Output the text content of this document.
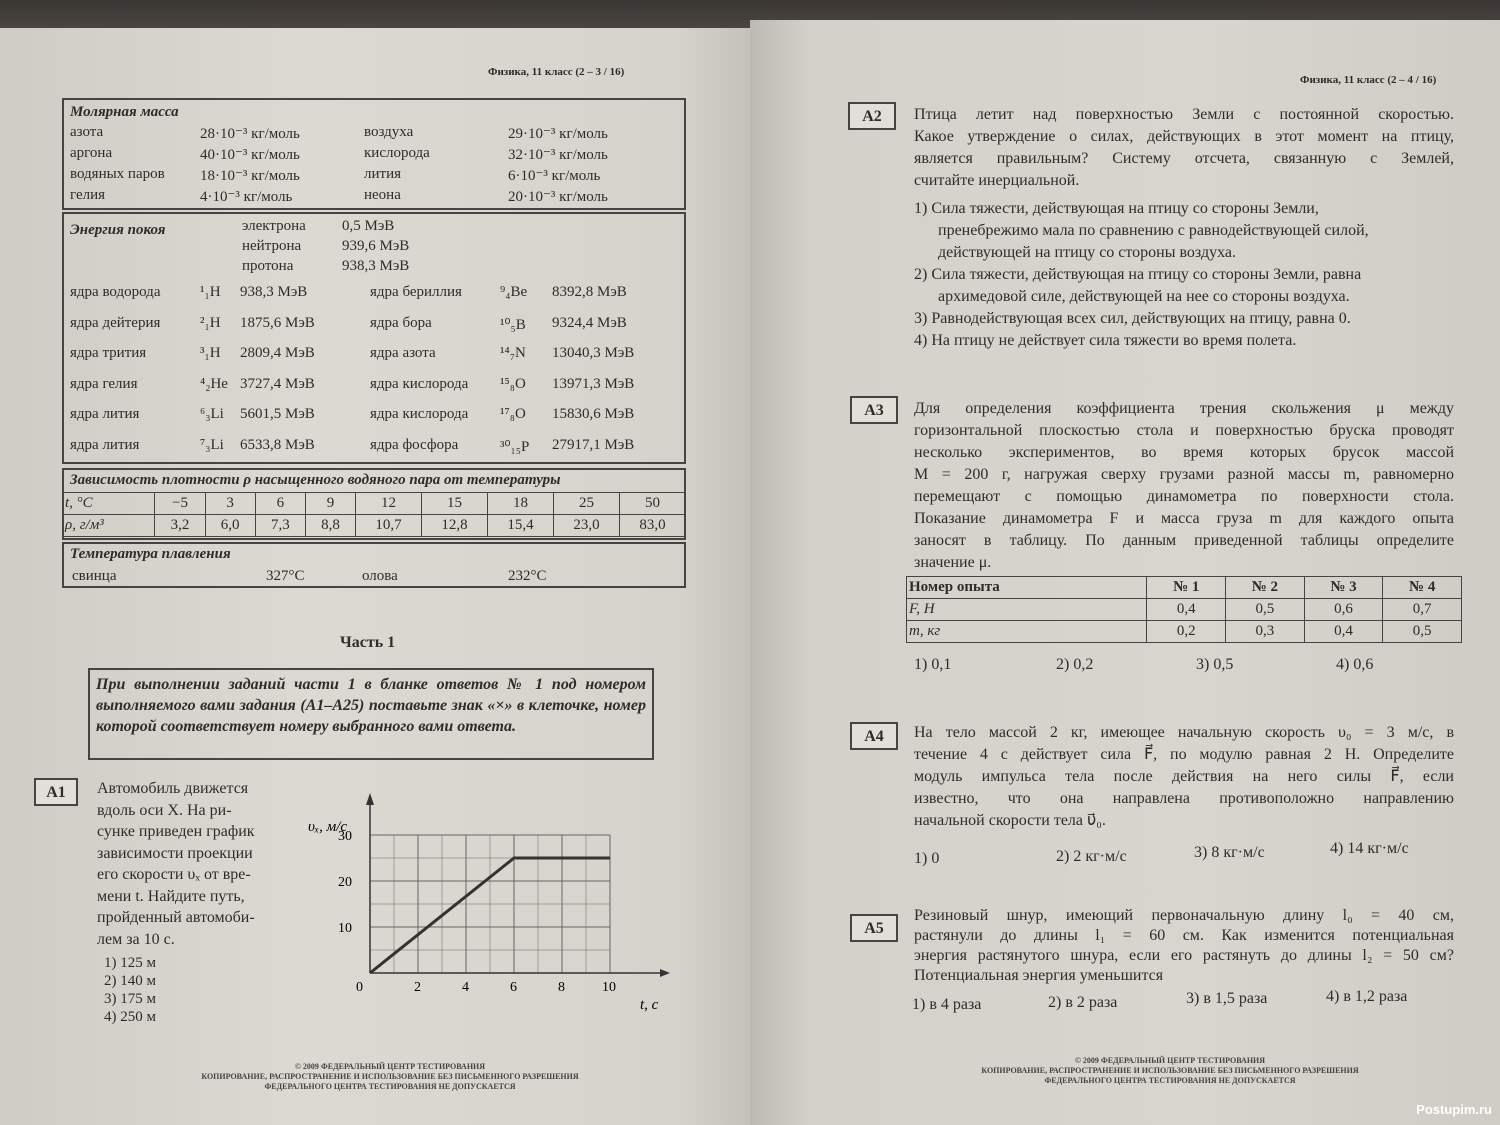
Физика, 11 класс (2 – 3 / 16)
Молярная масса
азота	28·10⁻³ кг/моль	воздуха	29·10⁻³ кг/моль
аргона	40·10⁻³ кг/моль	кислорода	32·10⁻³ кг/моль
водяных паров 18·10⁻³ кг/моль	лития	6·10⁻³ кг/моль
гелия	4·10⁻³ кг/моль	неона	20·10⁻³ кг/моль
Энергия покоя	электрона 0,5 МэВ
нейтрона	939,6 МэВ
протона	938,3 МэВ
ядра водорода	¹₁H 938,3 МэВ	ядра бериллия	⁹₄Be 8392,8 МэВ
ядра дейтерия	²₁H 1875,6 МэВ	ядра бора	¹⁰₅B 9324,4 МэВ
ядра трития	³₁H 2809,4 МэВ	ядра азота	¹⁴₇N 13040,3 МэВ
ядра гелия	⁴₂He 3727,4 МэВ	ядра кислорода ¹⁵₈O 13971,3 МэВ
ядра лития	⁶₃Li 5601,5 МэВ	ядра кислорода ¹⁷₈O 15830,6 МэВ
ядра лития	⁷₃Li 6533,8 МэВ	ядра фосфора	³⁰₁₅P 27917,1 МэВ
Зависимость плотности ρ насыщенного водяного пара от температуры
t, °C	−5	3	6	9	12	15	18	25	50
ρ, г/м³	3,2	6,0	7,3	8,8	10,7	12,8	15,4	23,0	83,0
Температура плавления
свинца	327°C	олова	232°C
Часть 1
При выполнении заданий части 1 в бланке ответов № 1 под номером выполняемого вами задания (A1–A25) поставьте знак «×» в клеточке, номер которой соответствует номеру выбранного вами ответа.
A1	Автомобиль движется
вдоль оси X. На ри-
сунке приведен график
зависимости проекции
его скорости υₓ от вре-
мени t. Найдите путь,
пройденный автомоби-
лем за 10 с.
1) 125 м
2) 140 м
3) 175 м
4) 250 м
2	4	6	8	10
10
20
30
υₓ, м/с
t, с
0
© 2009 ФЕДЕРАЛЬНЫЙ ЦЕНТР ТЕСТИРОВАНИЯ
КОПИРОВАНИЕ, РАСПРОСТРАНЕНИЕ И ИСПОЛЬЗОВАНИЕ БЕЗ ПИСЬМЕННОГО РАЗРЕШЕНИЯ
ФЕДЕРАЛЬНОГО ЦЕНТРА ТЕСТИРОВАНИЯ НЕ ДОПУСКАЕТСЯ
Физика, 11 класс (2 – 4 / 16)
A2	Птица летит над поверхностью Земли с постоянной скоростью.
Какое утверждение о силах, действующих в этот момент на птицу,
является правильным? Систему отсчета, связанную с Землей,
считайте инерциальной.
1) Сила тяжести, действующая на птицу со стороны Земли,
пренебрежимо мала по сравнению с равнодействующей силой,
действующей на птицу со стороны воздуха.
2) Сила тяжести, действующая на птицу со стороны Земли, равна
архимедовой силе, действующей на нее со стороны воздуха.
3) Равнодействующая всех сил, действующих на птицу, равна 0.
4) На птицу не действует сила тяжести во время полета.
A3	Для определения коэффициента трения скольжения μ между
горизонтальной плоскостью стола и поверхностью бруска проводят
несколько экспериментов, во время которых брусок массой
M = 200 г, нагружая сверху грузами разной массы m, равномерно
перемещают с помощью динамометра по поверхности стола.
Показание динамометра F и масса груза m для каждого опыта
заносят в таблицу. По данным приведенной таблицы определите
значение μ.
Номер опыта	№ 1	№ 2	№ 3	№ 4
F, Н	0,4	0,5	0,6	0,7
m, кг	0,2	0,3	0,4	0,5
1) 0,1	2) 0,2	3) 0,5	4) 0,6
A4	На тело массой 2 кг, имеющее начальную скорость υ₀ = 3 м/с, в
течение 4 с действует сила F⃗, по модулю равная 2 Н. Определите
модуль импульса тела после действия на него силы F⃗, если
известно, что она направлена противоположно направлению
начальной скорости тела υ⃗₀.
1) 0	2) 2 кг·м/с	3) 8 кг·м/с	4) 14 кг·м/с
A5
Резиновый шнур, имеющий первоначальную длину l₀ = 40 см,
растянули до длины l₁ = 60 см. Как изменится потенциальная
энергия растянутого шнура, если его растянуть до длины l₂ = 50 см?
Потенциальная энергия уменьшится
1) в 4 раза	2) в 2 раза	3) в 1,5 раза	4) в 1,2 раза
© 2009 ФЕДЕРАЛЬНЫЙ ЦЕНТР ТЕСТИРОВАНИЯ
КОПИРОВАНИЕ, РАСПРОСТРАНЕНИЕ И ИСПОЛЬЗОВАНИЕ БЕЗ ПИСЬМЕННОГО РАЗРЕШЕНИЯ
ФЕДЕРАЛЬНОГО ЦЕНТРА ТЕСТИРОВАНИЯ НЕ ДОПУСКАЕТСЯ
Postupim.ru
